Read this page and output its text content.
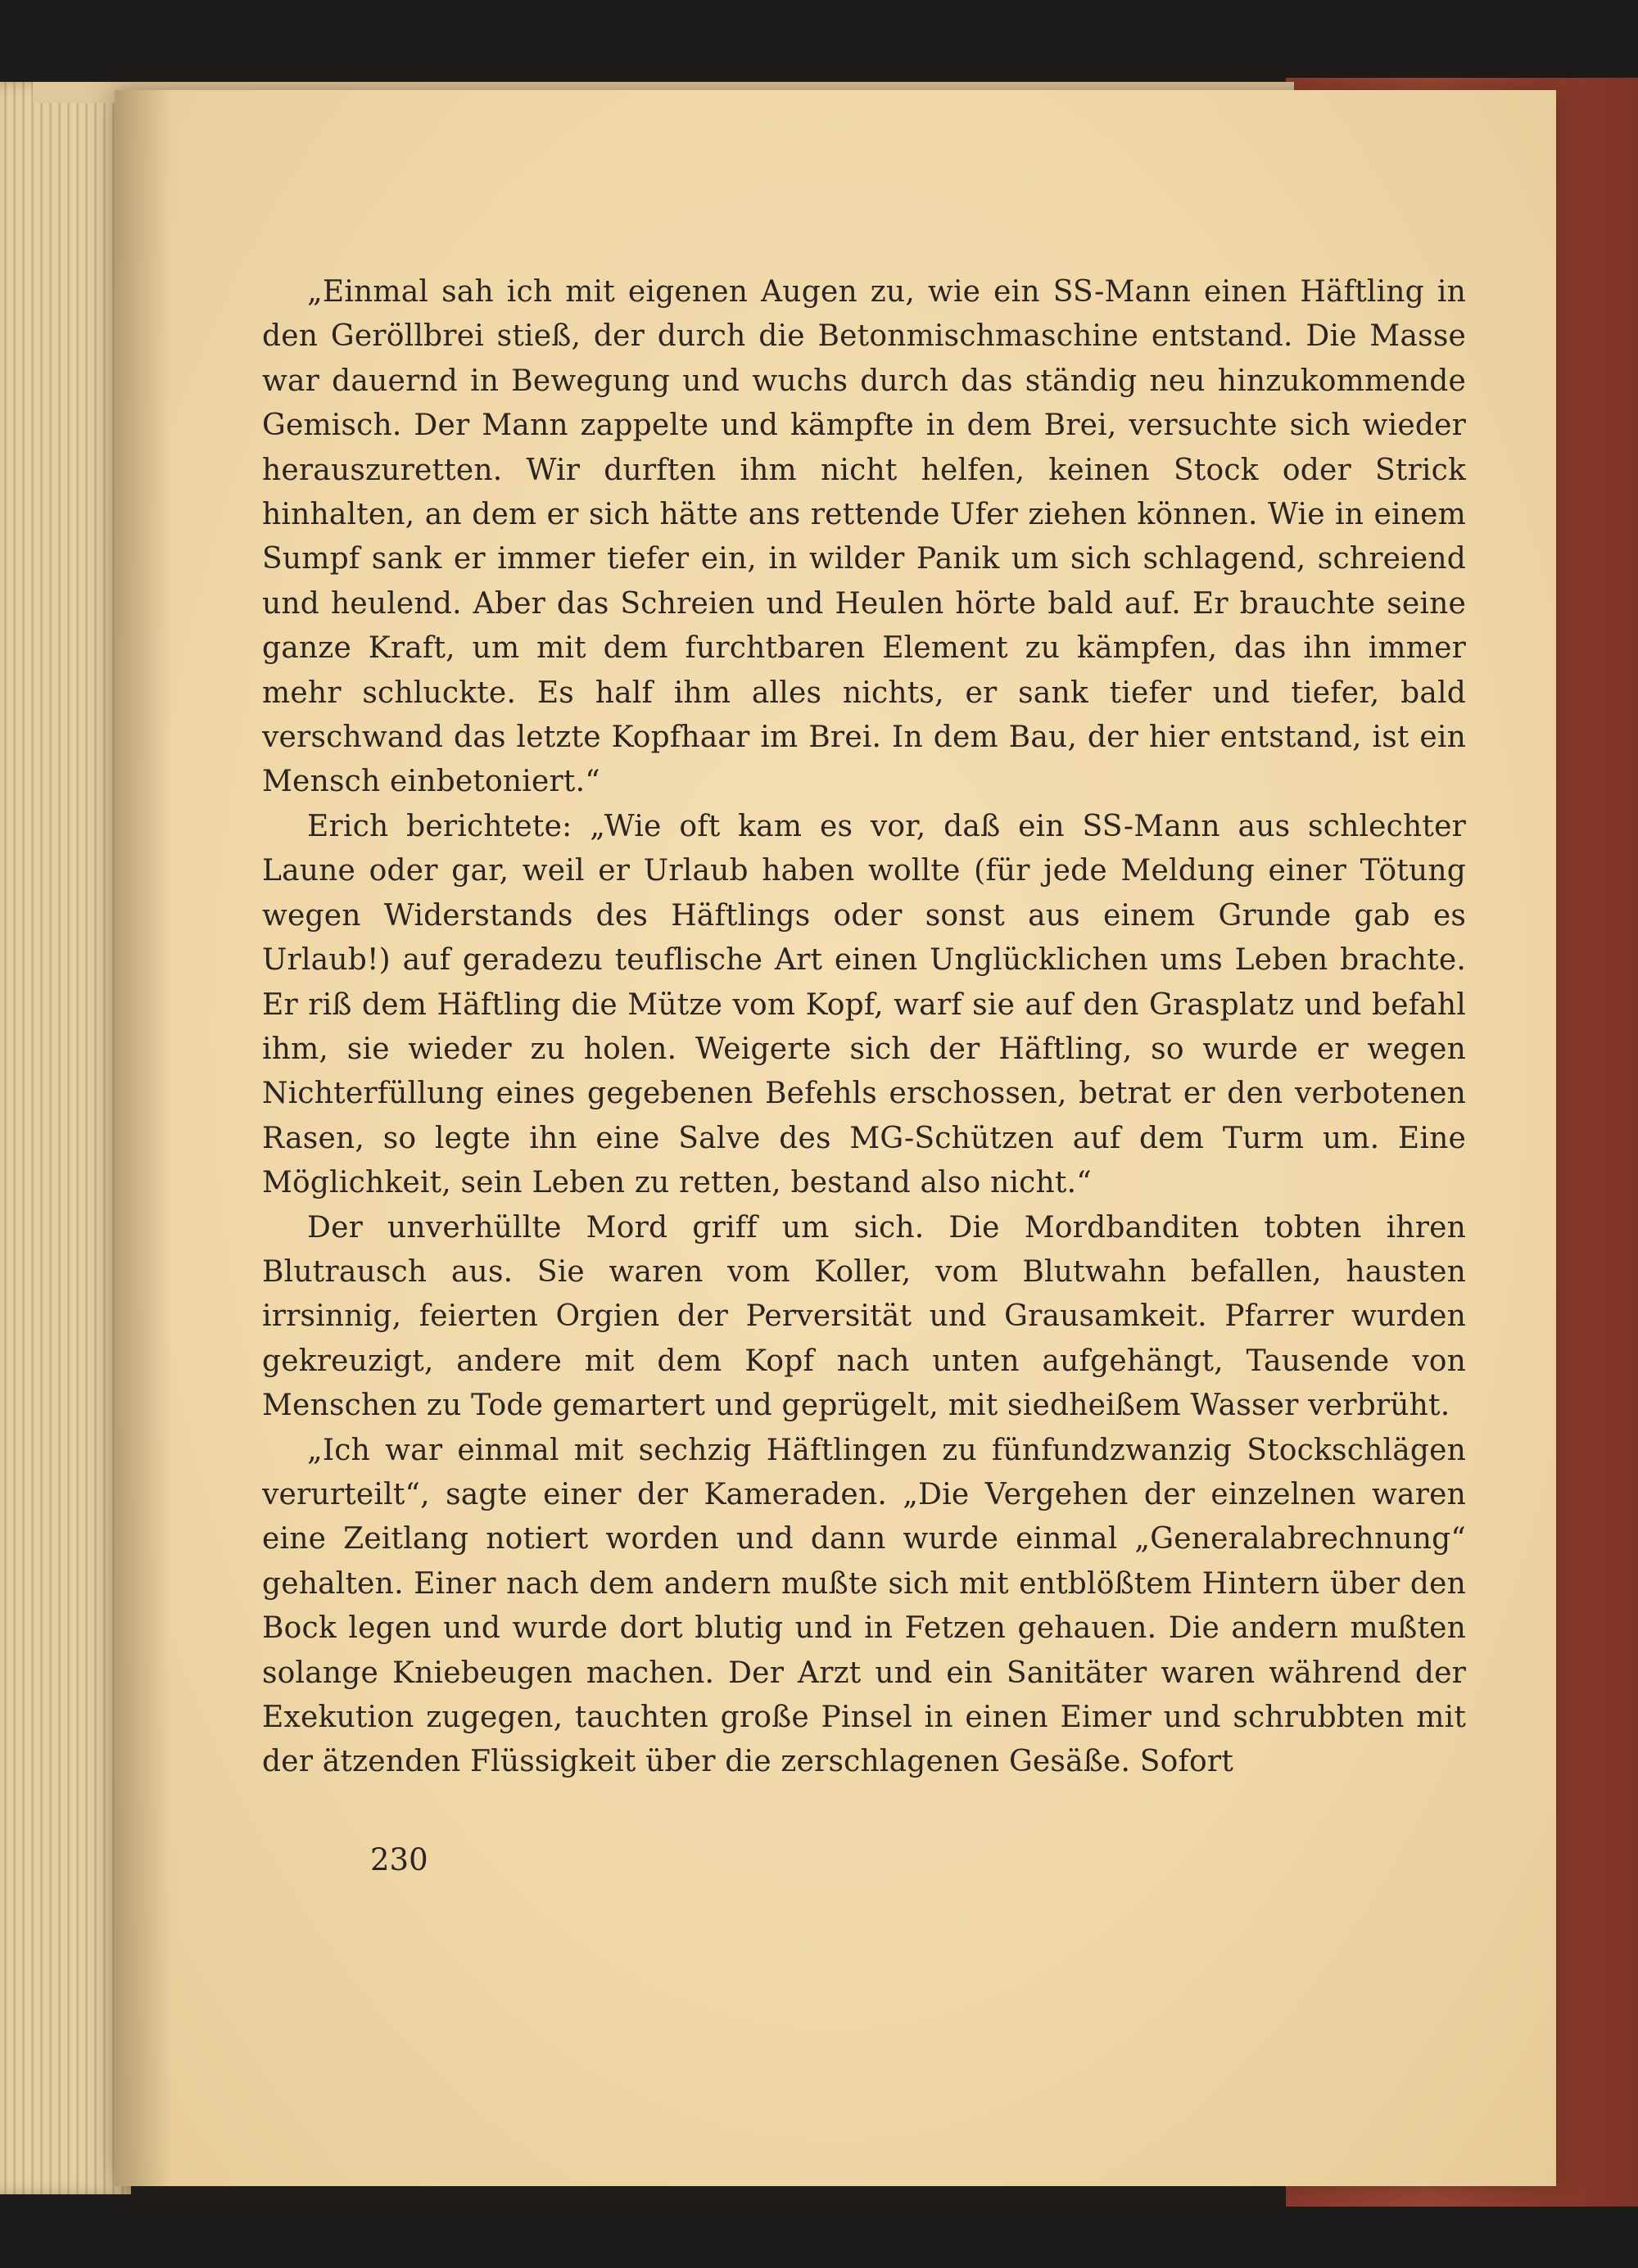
„Einmal sah ich mit eigenen Augen zu, wie ein SS-Mann einen Häftling in den Geröllbrei stieß, der durch die Betonmischmaschine entstand. Die Masse war dauernd in Bewegung und wuchs durch das ständig neu hinzukommende Gemisch. Der Mann zappelte und kämpfte in dem Brei, versuchte sich wieder herauszuretten. Wir durften ihm nicht helfen, keinen Stock oder Strick hinhalten, an dem er sich hätte ans rettende Ufer ziehen können. Wie in einem Sumpf sank er immer tiefer ein, in wilder Panik um sich schlagend, schreiend und heulend. Aber das Schreien und Heulen hörte bald auf. Er brauchte seine ganze Kraft, um mit dem furchtbaren Element zu kämpfen, das ihn immer mehr schluckte. Es half ihm alles nichts, er sank tiefer und tiefer, bald verschwand das letzte Kopfhaar im Brei. In dem Bau, der hier entstand, ist ein Mensch einbetoniert.“

Erich berichtete: „Wie oft kam es vor, daß ein SS-Mann aus schlechter Laune oder gar, weil er Urlaub haben wollte (für jede Meldung einer Tötung wegen Widerstands des Häftlings oder sonst aus einem Grunde gab es Urlaub!) auf geradezu teuflische Art einen Unglücklichen ums Leben brachte. Er riß dem Häftling die Mütze vom Kopf, warf sie auf den Grasplatz und befahl ihm, sie wieder zu holen. Weigerte sich der Häftling, so wurde er wegen Nichterfüllung eines gegebenen Befehls erschossen, betrat er den verbotenen Rasen, so legte ihn eine Salve des MG-Schützen auf dem Turm um. Eine Möglichkeit, sein Leben zu retten, bestand also nicht.“

Der unverhüllte Mord griff um sich. Die Mordbanditen tobten ihren Blutrausch aus. Sie waren vom Koller, vom Blutwahn befallen, hausten irrsinnig, feierten Orgien der Perversität und Grausamkeit. Pfarrer wurden gekreuzigt, andere mit dem Kopf nach unten aufgehängt, Tausende von Menschen zu Tode gemartert und geprügelt, mit siedheißem Wasser verbrüht.

„Ich war einmal mit sechzig Häftlingen zu fünfundzwanzig Stockschlägen verurteilt“, sagte einer der Kameraden. „Die Vergehen der einzelnen waren eine Zeitlang notiert worden und dann wurde einmal „Generalabrechnung“ gehalten. Einer nach dem andern mußte sich mit entblößtem Hintern über den Bock legen und wurde dort blutig und in Fetzen gehauen. Die andern mußten solange Kniebeugen machen. Der Arzt und ein Sanitäter waren während der Exekution zugegen, tauchten große Pinsel in einen Eimer und schrubbten mit der ätzenden Flüssigkeit über die zerschlagenen Gesäße. Sofort

230
